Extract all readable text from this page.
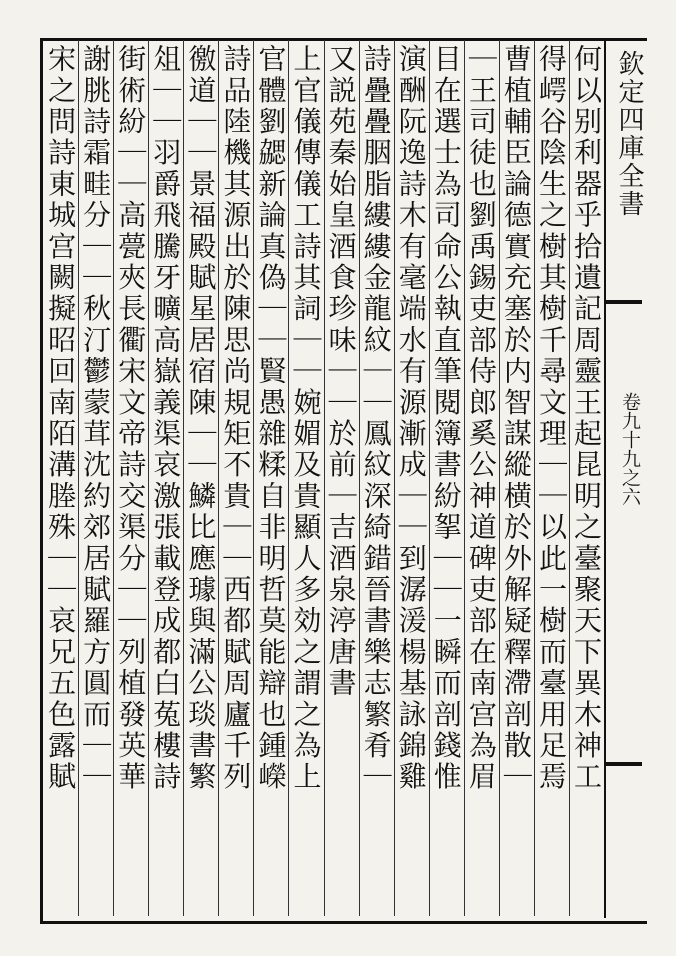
欽定四庫全書
卷九十九之六
何以别利器乎拾遺記周靈王起昆明之臺聚天下異木神工
得崿谷陰生之樹其樹千尋文理｜｜以此一樹而臺用足焉
曹植輔臣論德實充塞於内智謀縱横於外解疑釋滯剖散｜
｜王司徒也劉禹錫吏部侍郎奚公神道碑吏部在南宫為眉
目在選士為司命公執直筆閱簿書紛挐｜｜一瞬而剖錢惟
演酬阮逸詩木有毫端水有源漸成｜｜到潺湲楊基詠錦雞
詩疊疊胭脂縷縷金龍紋｜｜鳳紋深綺錯晉書樂志繁肴｜
又説苑秦始皇酒食珍味｜｜於前｜吉酒泉渟唐書
上官儀傳儀工詩其詞｜｜婉媚及貴顯人多効之謂之為上
官體劉勰新論真偽｜｜賢愚雜糅自非明哲莫能辯也鍾嶸
詩品陸機其源出於陳思尚規矩不貴｜｜西都賦周廬千列
徼道｜｜景福殿賦星居宿陳｜｜鱗比應璩與滿公琰書繁
俎｜｜羽爵飛騰牙曠高嶽義渠哀激張載登成都白菟樓詩
街術紛｜｜高甍夾長衢宋文帝詩交渠分｜｜列植發英華
謝朓詩霜畦分｜｜秋汀鬱蒙茸沈約郊居賦羅方圓而｜｜
宋之問詩東城宫闕擬昭回南陌溝塍殊｜｜哀兄五色露賦
